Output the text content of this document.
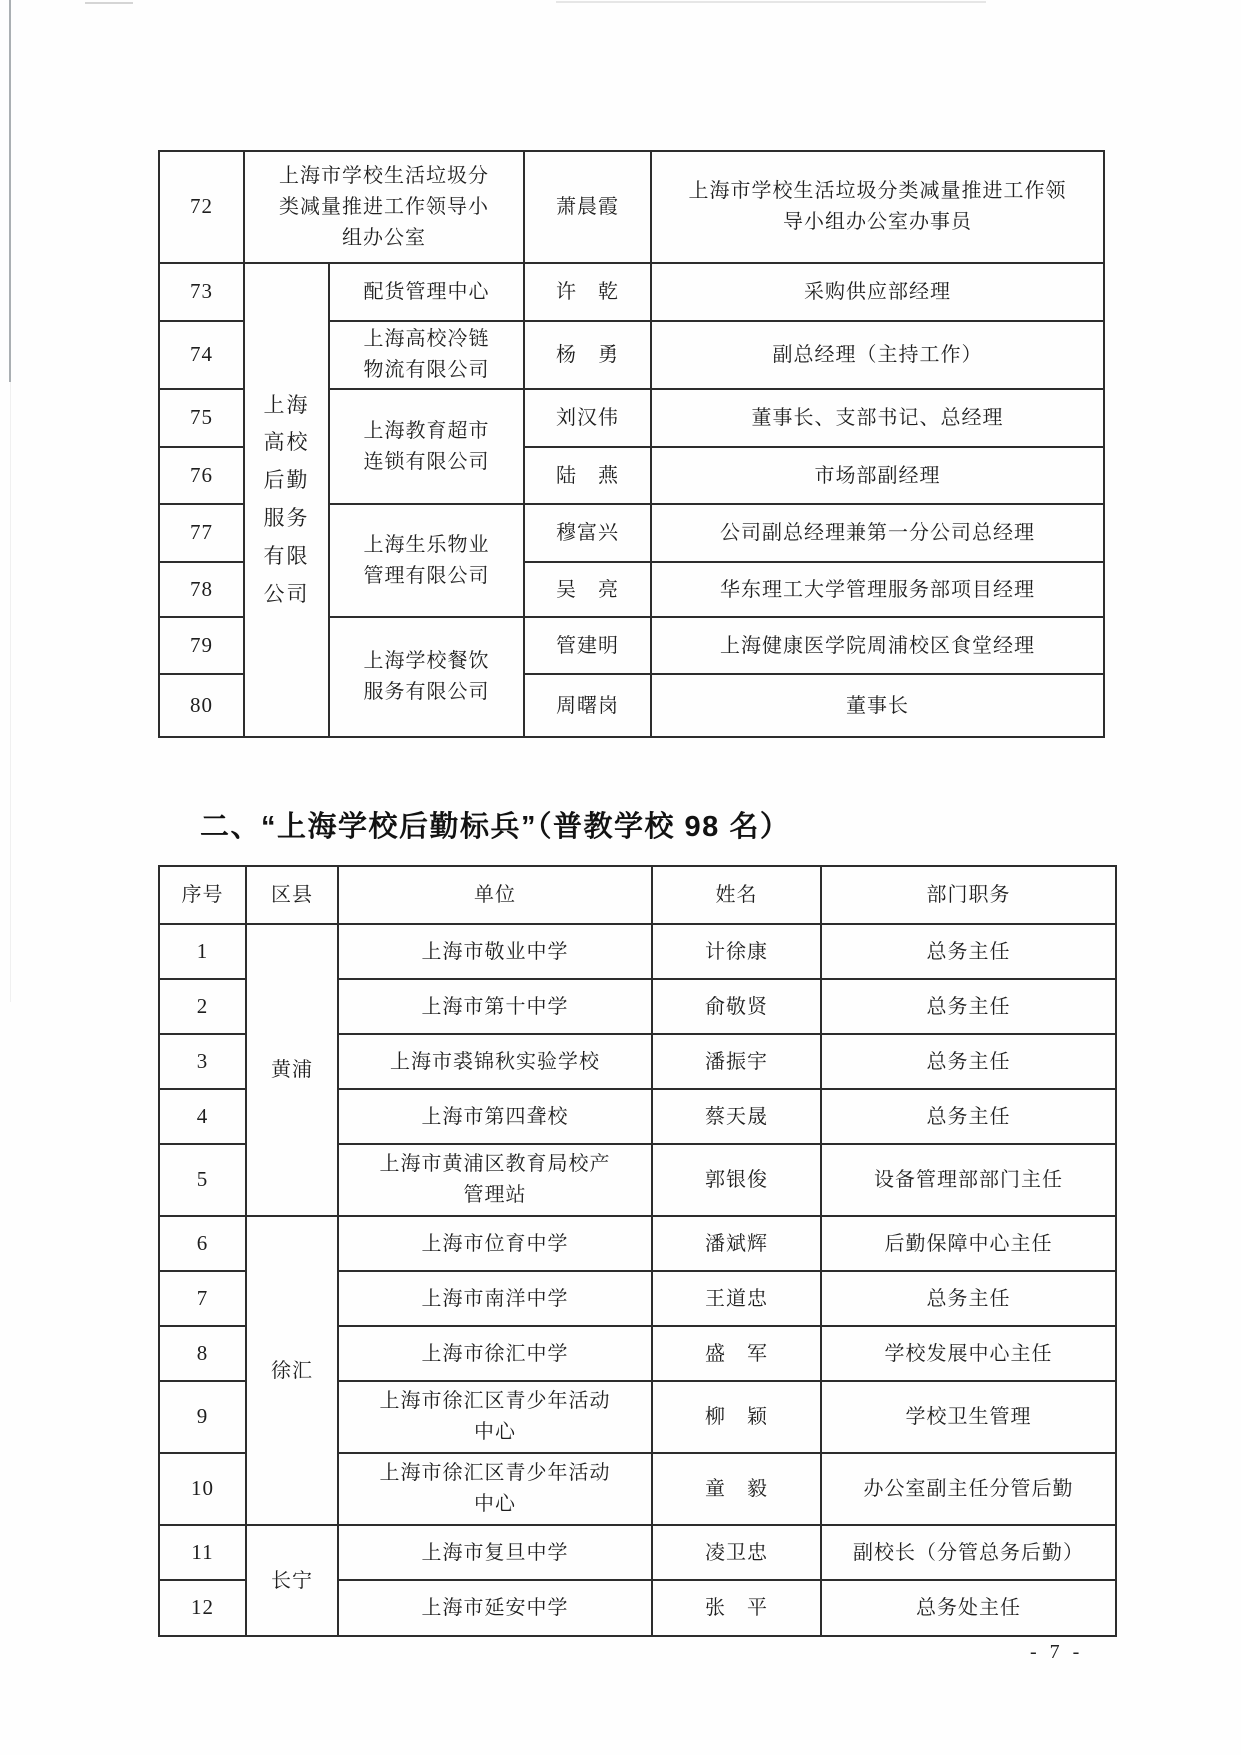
72	上海市学校生活垃圾分类减量推进工作领导小组办公室		萧晨霞	上海市学校生活垃圾分类减量推进工作领导小组办公室办事员
73	上海高校后勤服务有限公司	配货管理中心	许　乾	采购供应部经理
74		上海高校冷链物流有限公司	杨　勇	副总经理（主持工作）
75		上海教育超市连锁有限公司	刘汉伟	董事长、支部书记、总经理
76			陆　燕	市场部副经理
77		上海生乐物业管理有限公司	穆富兴	公司副总经理兼第一分公司总经理
78			吴　亮	华东理工大学管理服务部项目经理
79		上海学校餐饮服务有限公司	管建明	上海健康医学院周浦校区食堂经理
80			周曙岗	董事长
二、“上海学校后勤标兵”（普教学校 98 名）
序号	区县	单位	姓名	部门职务
1	黄浦	上海市敬业中学	计徐康	总务主任
2		上海市第十中学	俞敬贤	总务主任
3		上海市裘锦秋实验学校	潘振宇	总务主任
4		上海市第四聋校	蔡天晟	总务主任
5		上海市黄浦区教育局校产管理站	郭银俊	设备管理部部门主任
6	徐汇	上海市位育中学	潘斌辉	后勤保障中心主任
7		上海市南洋中学	王道忠	总务主任
8		上海市徐汇中学	盛　军	学校发展中心主任
9		上海市徐汇区青少年活动中心	柳　颖	学校卫生管理
10		上海市徐汇区青少年活动中心	童　毅	办公室副主任分管后勤
11	长宁	上海市复旦中学	凌卫忠	副校长（分管总务后勤）
12		上海市延安中学	张　平	总务处主任
- 7 -
